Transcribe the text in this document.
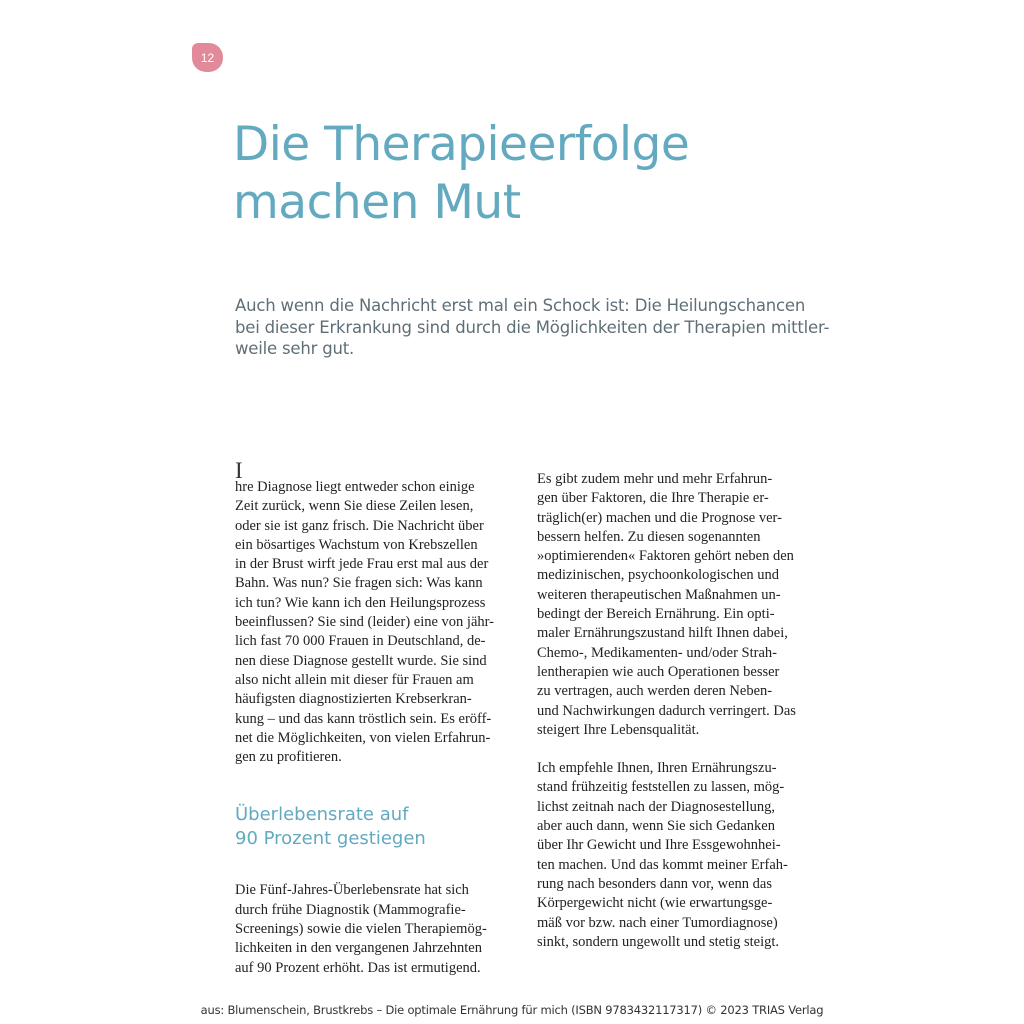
12
Die Therapieerfolge
machen Mut

Auch wenn die Nachricht erst mal ein Schock ist: Die Heilungschancen
bei dieser Erkrankung sind durch die Möglichkeiten der Therapien mittler-
weile sehr gut.

I
hre Diagnose liegt entweder schon einige
Zeit zurück, wenn Sie diese Zeilen lesen,
oder sie ist ganz frisch. Die Nachricht über
ein bösartiges Wachstum von Krebszellen
in der Brust wirft jede Frau erst mal aus der
Bahn. Was nun? Sie fragen sich: Was kann
ich tun? Wie kann ich den Heilungsprozess
beeinflussen? Sie sind (leider) eine von jähr-
lich fast 70 000 Frauen in Deutschland, de-
nen diese Diagnose gestellt wurde. Sie sind
also nicht allein mit dieser für Frauen am
häufigsten diagnostizierten Krebserkran-
kung – und das kann tröstlich sein. Es eröff-
net die Möglichkeiten, von vielen Erfahrun-
gen zu profitieren.

Überlebensrate auf
90 Prozent gestiegen

Die Fünf-Jahres-Überlebensrate hat sich
durch frühe Diagnostik (Mammografie-
Screenings) sowie die vielen Therapiemög-
lichkeiten in den vergangenen Jahrzehnten
auf 90 Prozent erhöht. Das ist ermutigend.

Es gibt zudem mehr und mehr Erfahrun-
gen über Faktoren, die Ihre Therapie er-
träglich(er) machen und die Prognose ver-
bessern helfen. Zu diesen sogenannten
»optimierenden« Faktoren gehört neben den
medizinischen, psychoonkologischen und
weiteren therapeutischen Maßnahmen un-
bedingt der Bereich Ernährung. Ein opti-
maler Ernährungszustand hilft Ihnen dabei,
Chemo-, Medikamenten- und/oder Strah-
lentherapien wie auch Operationen besser
zu vertragen, auch werden deren Neben-
und Nachwirkungen dadurch verringert. Das
steigert Ihre Lebensqualität.

Ich empfehle Ihnen, Ihren Ernährungszu-
stand frühzeitig feststellen zu lassen, mög-
lichst zeitnah nach der Diagnosestellung,
aber auch dann, wenn Sie sich Gedanken
über Ihr Gewicht und Ihre Essgewohnhei-
ten machen. Und das kommt meiner Erfah-
rung nach besonders dann vor, wenn das
Körpergewicht nicht (wie erwartungsge-
mäß vor bzw. nach einer Tumordiagnose)
sinkt, sondern ungewollt und stetig steigt.

aus: Blumenschein, Brustkrebs – Die optimale Ernährung für mich (ISBN 9783432117317) © 2023 TRIAS Verlag
